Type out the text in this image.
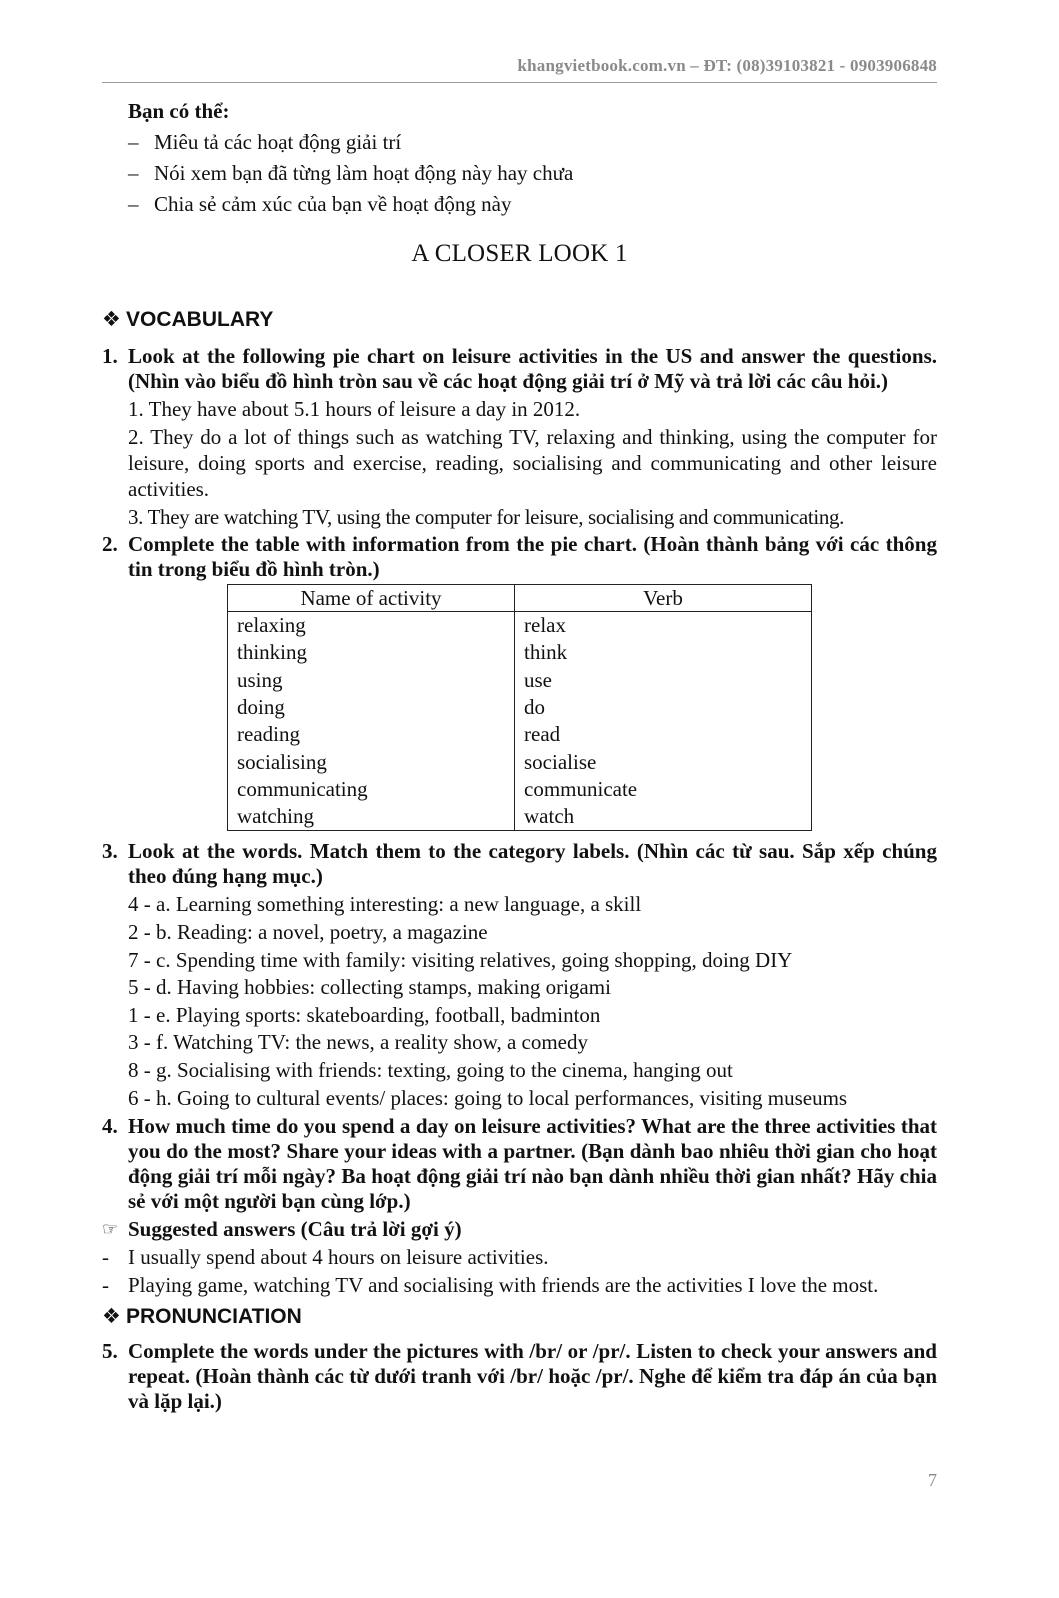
khangvietbook.com.vn – ĐT: (08)39103821 - 0903906848

Bạn có thể:

– Miêu tả các hoạt động giải trí
– Nói xem bạn đã từng làm hoạt động này hay chưa
– Chia sẻ cảm xúc của bạn về hoạt động này
A CLOSER LOOK 1
❖ VOCABULARY
1. Look at the following pie chart on leisure activities in the US and answer the questions. (Nhìn vào biểu đồ hình tròn sau về các hoạt động giải trí ở Mỹ và trả lời các câu hỏi.)

1. They have about 5.1 hours of leisure a day in 2012.

2. They do a lot of things such as watching TV, relaxing and thinking, using the computer for leisure, doing sports and exercise, reading, socialising and communicating and other leisure activities.

3. They are watching TV, using the computer for leisure, socialising and communicating.

2. Complete the table with information from the pie chart. (Hoàn thành bảng với các thông tin trong biểu đồ hình tròn.)
Name of activity	Verb
relaxing	relax
thinking	think
using	use
doing	do
reading	read
socialising	socialise
communicating	communicate
watching	watch
3. Look at the words. Match them to the category labels. (Nhìn các từ sau. Sắp xếp chúng theo đúng hạng mục.)
4 - a. Learning something interesting: a new language, a skill
2 - b. Reading: a novel, poetry, a magazine
7 - c. Spending time with family: visiting relatives, going shopping, doing DIY
5 - d. Having hobbies: collecting stamps, making origami
1 - e. Playing sports: skateboarding, football, badminton
3 - f. Watching TV: the news, a reality show, a comedy
8 - g. Socialising with friends: texting, going to the cinema, hanging out
6 - h. Going to cultural events/ places: going to local performances, visiting museums
4. How much time do you spend a day on leisure activities? What are the three activities that you do the most? Share your ideas with a partner. (Bạn dành bao nhiêu thời gian cho hoạt động giải trí mỗi ngày? Ba hoạt động giải trí nào bạn dành nhiều thời gian nhất? Hãy chia sẻ với một người bạn cùng lớp.)
☞ Suggested answers (Câu trả lời gợi ý)
- I usually spend about 4 hours on leisure activities.
- Playing game, watching TV and socialising with friends are the activities I love the most.
❖ PRONUNCIATION
5. Complete the words under the pictures with /br/ or /pr/. Listen to check your answers and repeat. (Hoàn thành các từ dưới tranh với /br/ hoặc /pr/. Nghe để kiểm tra đáp án của bạn và lặp lại.)
7
